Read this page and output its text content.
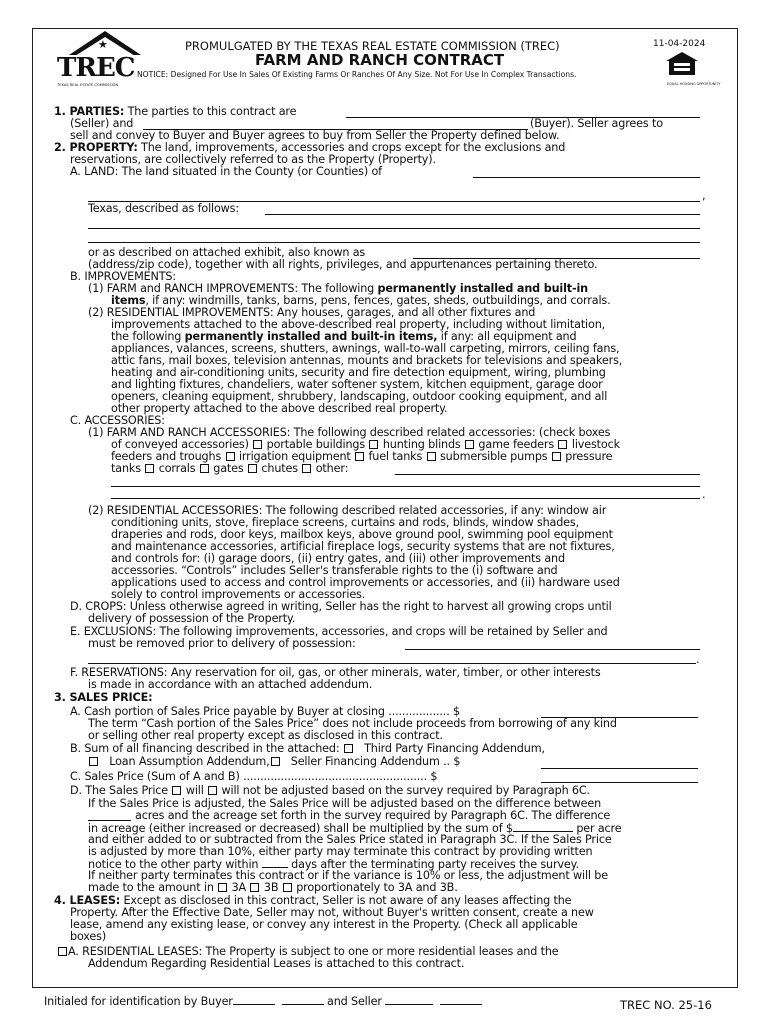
★
TREC
TEXAS REAL ESTATE COMMISSION
PROMULGATED BY THE TEXAS REAL ESTATE COMMISSION (TREC)	11-04-2024
FARM AND RANCH CONTRACT
NOTICE: Designed For Use In Sales Of Existing Farms Or Ranches Of Any Size. Not For Use In Complex Transactions.
EQUAL HOUSING OPPORTUNITY
1. PARTIES: The parties to this contract are
(Seller) and	(Buyer). Seller agrees to
sell and convey to Buyer and Buyer agrees to buy from Seller the Property defined below.
2. PROPERTY: The land, improvements, accessories and crops except for the exclusions and
reservations, are collectively referred to as the Property (Property).
A. LAND: The land situated in the County (or Counties) of
,
Texas, described as follows:
or as described on attached exhibit, also known as
(address/zip code), together with all rights, privileges, and appurtenances pertaining thereto.
B. IMPROVEMENTS:
(1) FARM and RANCH IMPROVEMENTS: The following permanently installed and built-in
items, if any: windmills, tanks, barns, pens, fences, gates, sheds, outbuildings, and corrals.
(2) RESIDENTIAL IMPROVEMENTS: Any houses, garages, and all other fixtures and
improvements attached to the above-described real property, including without limitation,
the following permanently installed and built-in items, if any: all equipment and
appliances, valances, screens, shutters, awnings, wall-to-wall carpeting, mirrors, ceiling fans,
attic fans, mail boxes, television antennas, mounts and brackets for televisions and speakers,
heating and air-conditioning units, security and fire detection equipment, wiring, plumbing
and lighting fixtures, chandeliers, water softener system, kitchen equipment, garage door
openers, cleaning equipment, shrubbery, landscaping, outdoor cooking equipment, and all
other property attached to the above described real property.
C. ACCESSORIES:
(1) FARM AND RANCH ACCESSORIES: The following described related accessories: (check boxes
of conveyed accessories) portable buildings hunting blinds game feeders livestock
feeders and troughs irrigation equipment fuel tanks submersible pumps pressure
tanks corrals gates chutes other:
.
(2) RESIDENTIAL ACCESSORIES: The following described related accessories, if any: window air
conditioning units, stove, fireplace screens, curtains and rods, blinds, window shades,
draperies and rods, door keys, mailbox keys, above ground pool, swimming pool equipment
and maintenance accessories, artificial fireplace logs, security systems that are not fixtures,
and controls for: (i) garage doors, (ii) entry gates, and (iii) other improvements and
accessories. “Controls” includes Seller's transferable rights to the (i) software and
applications used to access and control improvements or accessories, and (ii) hardware used
solely to control improvements or accessories.
D. CROPS: Unless otherwise agreed in writing, Seller has the right to harvest all growing crops until
delivery of possession of the Property.
E. EXCLUSIONS: The following improvements, accessories, and crops will be retained by Seller and
must be removed prior to delivery of possession:
.
F. RESERVATIONS: Any reservation for oil, gas, or other minerals, water, timber, or other interests
is made in accordance with an attached addendum.
3. SALES PRICE:
A. Cash portion of Sales Price payable by Buyer at closing .................. $
The term “Cash portion of the Sales Price” does not include proceeds from borrowing of any kind
or selling other real property except as disclosed in this contract.
B. Sum of all financing described in the attached: Third Party Financing Addendum,
Loan Assumption Addendum, Seller Financing Addendum .. $
C. Sales Price (Sum of A and B) ...................................................... $
D. The Sales Price will will not be adjusted based on the survey required by Paragraph 6C.
If the Sales Price is adjusted, the Sales Price will be adjusted based on the difference between
acres and the acreage set forth in the survey required by Paragraph 6C. The difference
in acreage (either increased or decreased) shall be multiplied by the sum of $	per acre
and either added to or subtracted from the Sales Price stated in Paragraph 3C. If the Sales Price
is adjusted by more than 10%, either party may terminate this contract by providing written
notice to the other party within	days after the terminating party receives the survey.
If neither party terminates this contract or if the variance is 10% or less, the adjustment will be
made to the amount in 3A 3B proportionately to 3A and 3B.
4. LEASES: Except as disclosed in this contract, Seller is not aware of any leases affecting the
Property. After the Effective Date, Seller may not, without Buyer's written consent, create a new
lease, amend any existing lease, or convey any interest in the Property. (Check all applicable
boxes)
A. RESIDENTIAL LEASES: The Property is subject to one or more residential leases and the
Addendum Regarding Residential Leases is attached to this contract.
Initialed for identification by Buyer	and Seller	TREC NO. 25-16
